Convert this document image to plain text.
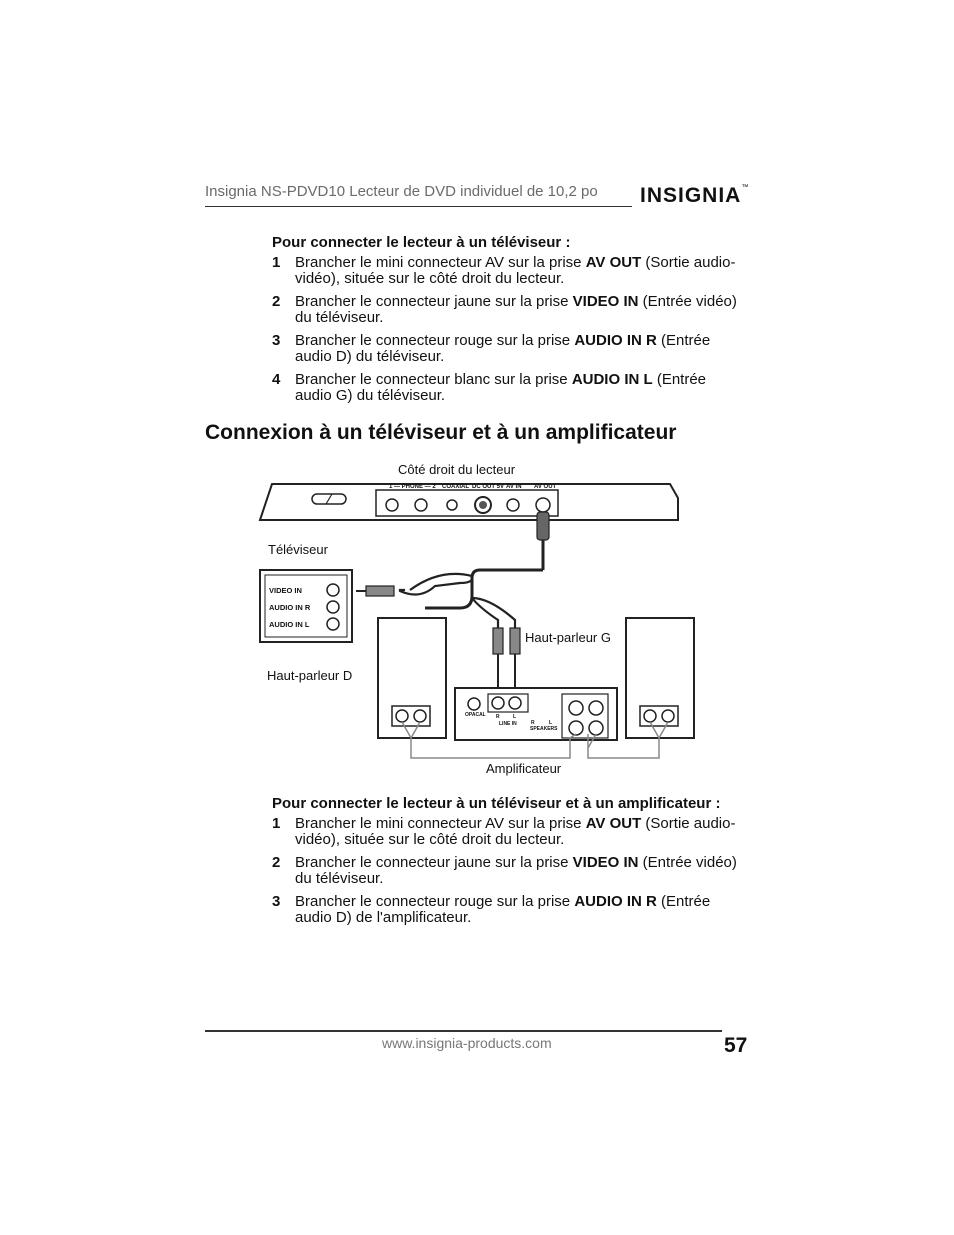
Insignia NS-PDVD10 Lecteur de DVD individuel de 10,2 po INSIGNIA™
Pour connecter le lecteur à un téléviseur :
1 Brancher le mini connecteur AV sur la prise AV OUT (Sortie audio-vidéo), située sur le côté droit du lecteur.
2 Brancher le connecteur jaune sur la prise VIDEO IN (Entrée vidéo) du téléviseur.
3 Brancher le connecteur rouge sur la prise AUDIO IN R (Entrée audio D) du téléviseur.
4 Brancher le connecteur blanc sur la prise AUDIO IN L (Entrée audio G) du téléviseur.
Connexion à un téléviseur et à un amplificateur
Côté droit du lecteur
Téléviseur
Haut-parleur G
Haut-parleur D
Amplificateur
1 — PHONE — 2 COAXIAL DC OUT 5V AV IN AV OUT
VIDEO IN
AUDIO IN R
AUDIO IN L
OPACAL R	L
LINE IN	R	L
SPEAKERS
Pour connecter le lecteur à un téléviseur et à un amplificateur :
1 Brancher le mini connecteur AV sur la prise AV OUT (Sortie audio-vidéo), située sur le côté droit du lecteur.
2 Brancher le connecteur jaune sur la prise VIDEO IN (Entrée vidéo) du téléviseur.
3 Brancher le connecteur rouge sur la prise AUDIO IN R (Entrée audio D) de l'amplificateur.
www.insignia-products.com	57
